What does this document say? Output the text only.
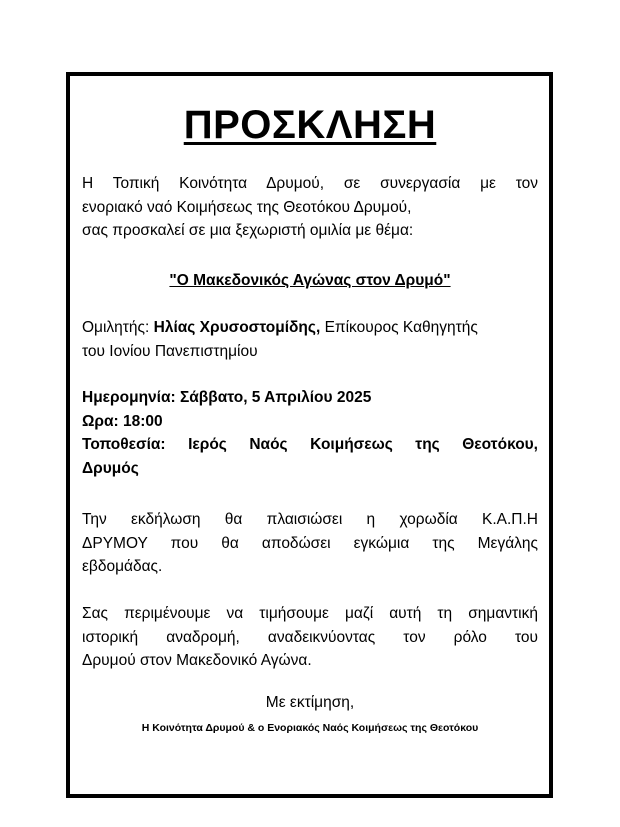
ΠΡΟΣΚΛΗΣΗ
Η Τοπική Κοινότητα Δρυμού, σε συνεργασία με τον
ενοριακό ναό Κοιμήσεως της Θεοτόκου Δρυμού,
σας προσκαλεί σε μια ξεχωριστή ομιλία με θέμα:
"Ο Μακεδονικός Αγώνας στον Δρυμό"
Ομιλητής: Ηλίας Χρυσοστομίδης, Επίκουρος Καθηγητής
του Ιονίου Πανεπιστημίου
Ημερομηνία: Σάββατο, 5 Απριλίου 2025
Ωρα: 18:00
Τοποθεσία: Ιερός Ναός Κοιμήσεως της Θεοτόκου,
Δρυμός
Την εκδήλωση θα πλαισιώσει η χορωδία Κ.Α.Π.Η
ΔΡΥΜΟΥ που θα αποδώσει εγκώμια της Μεγάλης
εβδομάδας.
Σας περιμένουμε να τιμήσουμε μαζί αυτή τη σημαντική
ιστορική αναδρομή, αναδεικνύοντας τον ρόλο του
Δρυμού στον Μακεδονικό Αγώνα.
Με εκτίμηση,
Η Κοινότητα Δρυμού & ο Ενοριακός Ναός Κοιμήσεως της Θεοτόκου
